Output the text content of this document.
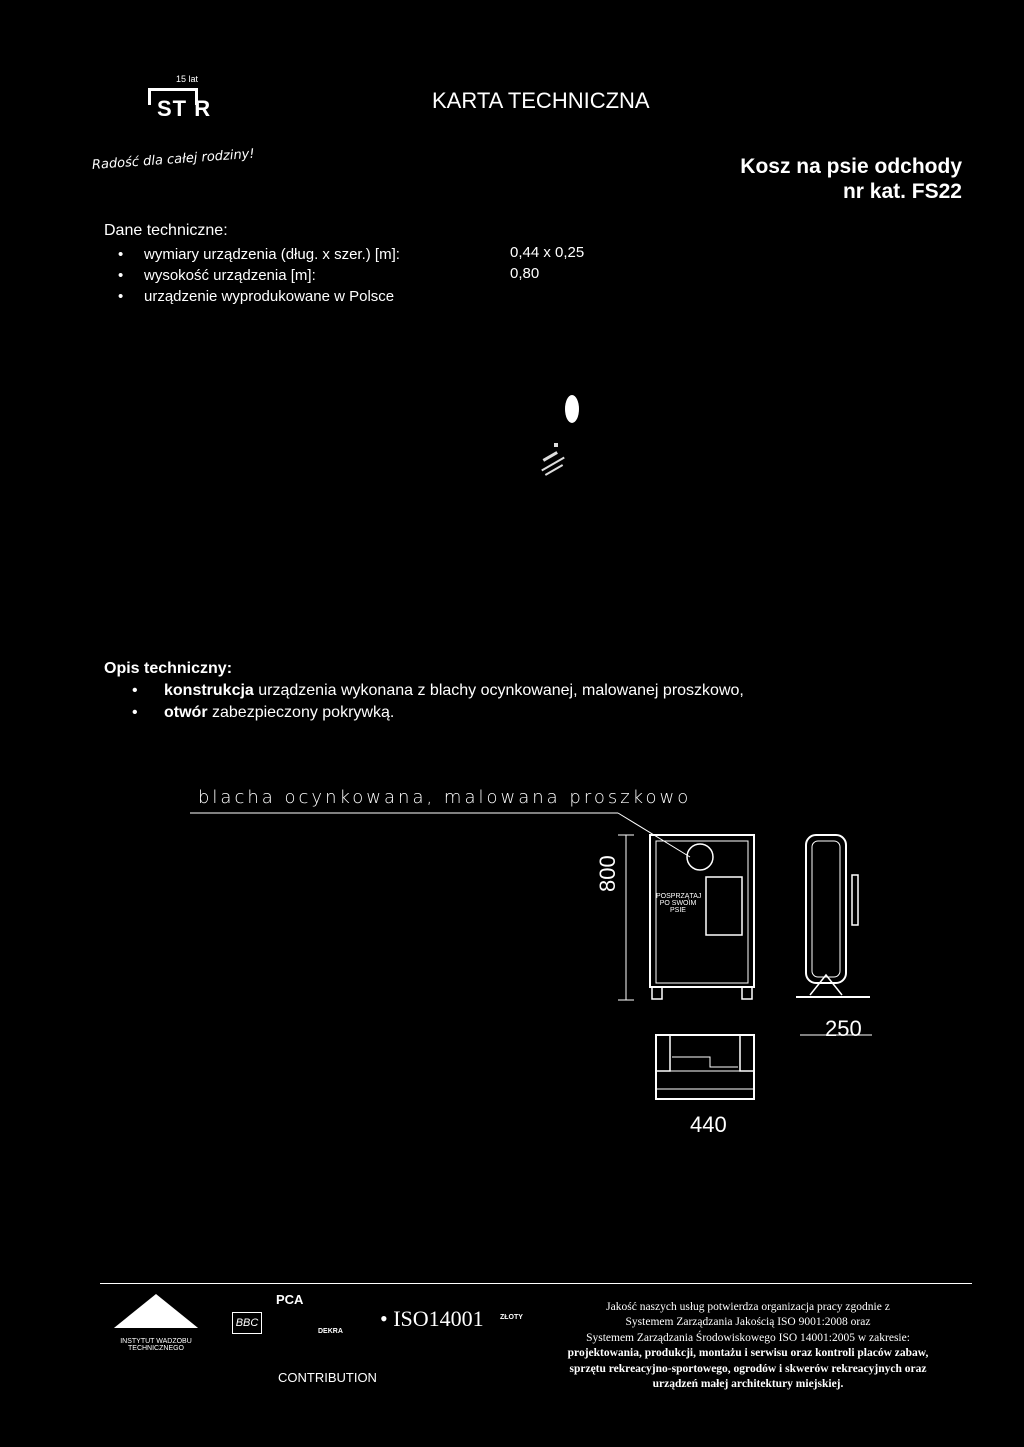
15 lat
ST R
Radość dla całej rodziny!
KARTA TECHNICZNA
Kosz na psie odchody
nr kat. FS22
Dane techniczne:
• wymiary urządzenia (dług. x szer.) [m]:
• wysokość urządzenia [m]:
• urządzenie wyprodukowane w Polsce
0,44 x 0,25
0,80
Opis techniczny:
• konstrukcja urządzenia wykonana z blachy ocynkowanej, malowanej proszkowo,
• otwór zabezpieczony pokrywką.
blacha ocynkowana, malowana proszkowo
800
250
440
POSPRZĄTAJ PO SWOIM PSIE
INSTYTUT WADZOBU TECHNICZNEGO
BBC
PCA
DEKRA
• ISO14001 ZŁOTY
CONTRIBUTION
Jakość naszych usług potwierdza organizacja pracy zgodnie z
Systemem Zarządzania Jakością ISO 9001:2008 oraz
Systemem Zarządzania Środowiskowego ISO 14001:2005 w zakresie:
projektowania, produkcji, montażu i serwisu oraz kontroli placów zabaw,
sprzętu rekreacyjno-sportowego, ogrodów i skwerów rekreacyjnych oraz
urządzeń małej architektury miejskiej.
